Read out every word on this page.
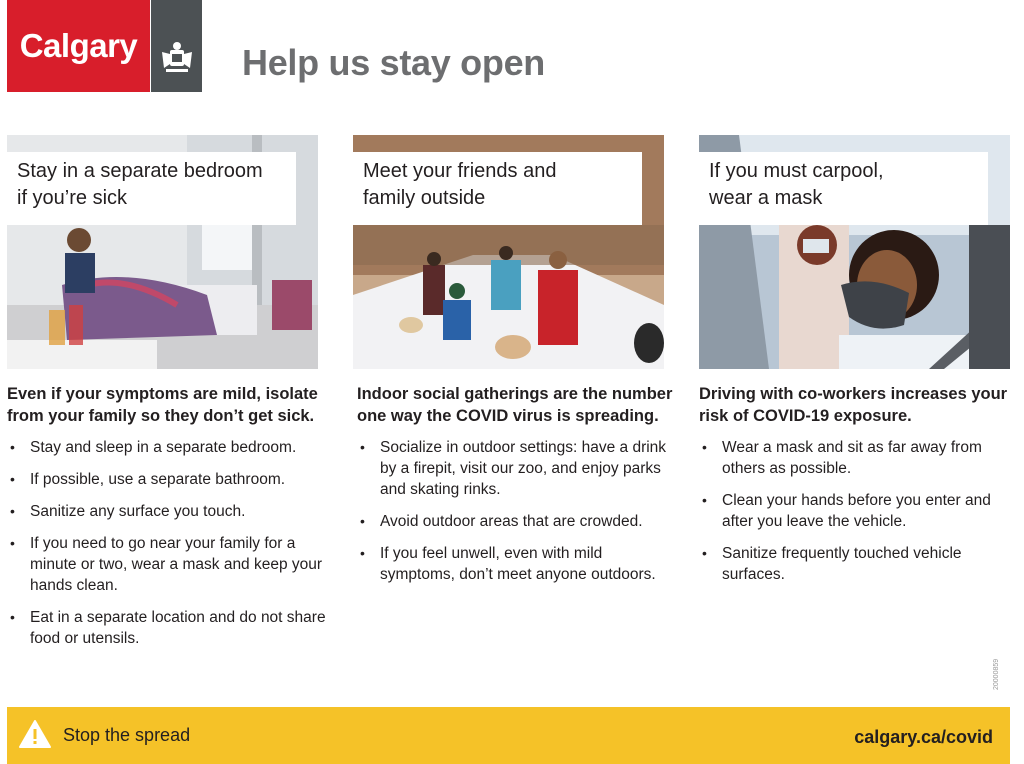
Calgary	Help us stay open
Stay in a separate bedroom
if you’re sick
Meet your friends and
family outside
If you must carpool,
wear a mask

Even if your symptoms are mild, isolate from your family so they don’t get sick.

• Stay and sleep in a separate bedroom.
• If possible, use a separate bathroom.
• Sanitize any surface you touch.
• If you need to go near your family for a minute or two, wear a mask and keep your hands clean.
• Eat in a separate location and do not share food or utensils.

Indoor social gatherings are the number one way the COVID virus is spreading.

• Socialize in outdoor settings: have a drink by a firepit, visit our zoo, and enjoy parks and skating rinks.
• Avoid outdoor areas that are crowded.
• If you feel unwell, even with mild symptoms, don’t meet anyone outdoors.

Driving with co-workers increases your risk of COVID-19 exposure.

• Wear a mask and sit as far away from others as possible.
• Clean your hands before you enter and after you leave the vehicle.
• Sanitize frequently touched vehicle surfaces.
20000859
Stop the spread	calgary.ca/covid
